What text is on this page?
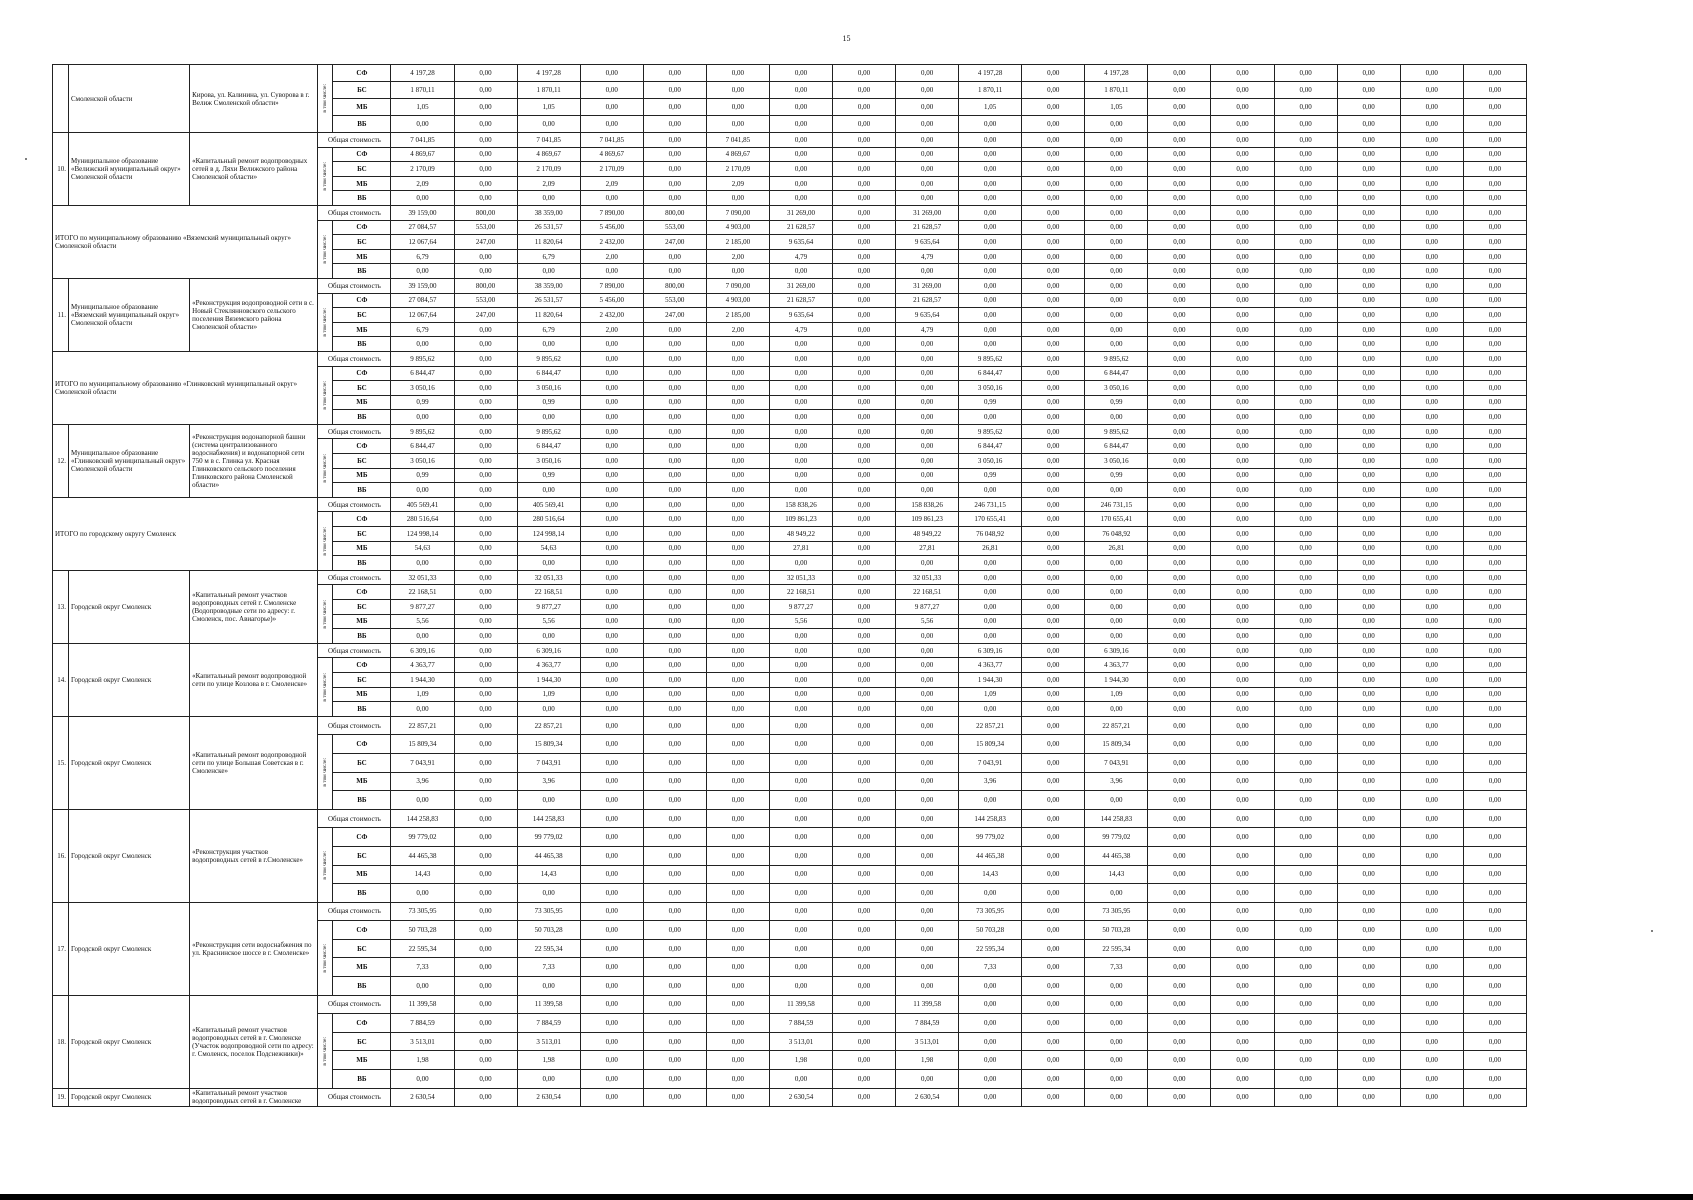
15
	Смоленской области	Кирова, ул. Калинина, ул. Суворова в г. Велиж Смоленской области»	в том числе:	СФ	4 197,28	0,00	4 197,28	0,00	0,00	0,00	0,00	0,00	0,00	4 197,28	0,00	4 197,28	0,00	0,00	0,00	0,00	0,00	0,00
				БС	1 870,11	0,00	1 870,11	0,00	0,00	0,00	0,00	0,00	0,00	1 870,11	0,00	1 870,11	0,00	0,00	0,00	0,00	0,00	0,00
				МБ	1,05	0,00	1,05	0,00	0,00	0,00	0,00	0,00	0,00	1,05	0,00	1,05	0,00	0,00	0,00	0,00	0,00	0,00
				ВБ	0,00	0,00	0,00	0,00	0,00	0,00	0,00	0,00	0,00	0,00	0,00	0,00	0,00	0,00	0,00	0,00	0,00	0,00
10.	Муниципальное образование «Велижский муниципальный округ» Смоленской области	«Капитальный ремонт водопроводных сетей в д. Ляхи Велижского района Смоленской области»	Общая стоимость		7 041,85	0,00	7 041,85	7 041,85	0,00	7 041,85	0,00	0,00	0,00	0,00	0,00	0,00	0,00	0,00	0,00	0,00	0,00	0,00

			в том числе:	СФ	4 869,67	0,00	4 869,67	4 869,67	0,00	4 869,67	0,00	0,00	0,00	0,00	0,00	0,00	0,00	0,00	0,00	0,00	0,00	0,00
				БС	2 170,09	0,00	2 170,09	2 170,09	0,00	2 170,09	0,00	0,00	0,00	0,00	0,00	0,00	0,00	0,00	0,00	0,00	0,00	0,00
				МБ	2,09	0,00	2,09	2,09	0,00	2,09	0,00	0,00	0,00	0,00	0,00	0,00	0,00	0,00	0,00	0,00	0,00	0,00
				ВБ	0,00	0,00	0,00	0,00	0,00	0,00	0,00	0,00	0,00	0,00	0,00	0,00	0,00	0,00	0,00	0,00	0,00	0,00
ИТОГО по муниципальному образованию «Вяземский муниципальный округ» Смоленской области			Общая стоимость		39 159,00	800,00	38 359,00	7 890,00	800,00	7 090,00	31 269,00	0,00	31 269,00	0,00	0,00	0,00	0,00	0,00	0,00	0,00	0,00	0,00

			в том числе:	СФ	27 084,57	553,00	26 531,57	5 456,00	553,00	4 903,00	21 628,57	0,00	21 628,57	0,00	0,00	0,00	0,00	0,00	0,00	0,00	0,00	0,00
				БС	12 067,64	247,00	11 820,64	2 432,00	247,00	2 185,00	9 635,64	0,00	9 635,64	0,00	0,00	0,00	0,00	0,00	0,00	0,00	0,00	0,00
				МБ	6,79	0,00	6,79	2,00	0,00	2,00	4,79	0,00	4,79	0,00	0,00	0,00	0,00	0,00	0,00	0,00	0,00	0,00
				ВБ	0,00	0,00	0,00	0,00	0,00	0,00	0,00	0,00	0,00	0,00	0,00	0,00	0,00	0,00	0,00	0,00	0,00	0,00
11.	Муниципальное образование «Вяземский муниципальный округ» Смоленской области	«Реконструкция водопроводной сети в с. Новый Стеклянновского сельского поселения Вяземского района Смоленской области»	Общая стоимость		39 159,00	800,00	38 359,00	7 890,00	800,00	7 090,00	31 269,00	0,00	31 269,00	0,00	0,00	0,00	0,00	0,00	0,00	0,00	0,00	0,00

			в том числе:	СФ	27 084,57	553,00	26 531,57	5 456,00	553,00	4 903,00	21 628,57	0,00	21 628,57	0,00	0,00	0,00	0,00	0,00	0,00	0,00	0,00	0,00
				БС	12 067,64	247,00	11 820,64	2 432,00	247,00	2 185,00	9 635,64	0,00	9 635,64	0,00	0,00	0,00	0,00	0,00	0,00	0,00	0,00	0,00
				МБ	6,79	0,00	6,79	2,00	0,00	2,00	4,79	0,00	4,79	0,00	0,00	0,00	0,00	0,00	0,00	0,00	0,00	0,00
				ВБ	0,00	0,00	0,00	0,00	0,00	0,00	0,00	0,00	0,00	0,00	0,00	0,00	0,00	0,00	0,00	0,00	0,00	0,00
ИТОГО по муниципальному образованию «Глинковский муниципальный округ» Смоленской области			Общая стоимость		9 895,62	0,00	9 895,62	0,00	0,00	0,00	0,00	0,00	0,00	9 895,62	0,00	9 895,62	0,00	0,00	0,00	0,00	0,00	0,00

			в том числе:	СФ	6 844,47	0,00	6 844,47	0,00	0,00	0,00	0,00	0,00	0,00	6 844,47	0,00	6 844,47	0,00	0,00	0,00	0,00	0,00	0,00
				БС	3 050,16	0,00	3 050,16	0,00	0,00	0,00	0,00	0,00	0,00	3 050,16	0,00	3 050,16	0,00	0,00	0,00	0,00	0,00	0,00
				МБ	0,99	0,00	0,99	0,00	0,00	0,00	0,00	0,00	0,00	0,99	0,00	0,99	0,00	0,00	0,00	0,00	0,00	0,00
				ВБ	0,00	0,00	0,00	0,00	0,00	0,00	0,00	0,00	0,00	0,00	0,00	0,00	0,00	0,00	0,00	0,00	0,00	0,00
12.	Муниципальное образование «Глинковский муниципальный округ» Смоленской области	«Реконструкция водонапорной башни (система централизованного водоснабжения) и водонапорной сети 750 м в с. Глинка ул. Красная Глинковского сельского поселения Глинковского района Смоленской области»	Общая стоимость		9 895,62	0,00	9 895,62	0,00	0,00	0,00	0,00	0,00	0,00	9 895,62	0,00	9 895,62	0,00	0,00	0,00	0,00	0,00	0,00

			в том числе:	СФ	6 844,47	0,00	6 844,47	0,00	0,00	0,00	0,00	0,00	0,00	6 844,47	0,00	6 844,47	0,00	0,00	0,00	0,00	0,00	0,00
				БС	3 050,16	0,00	3 050,16	0,00	0,00	0,00	0,00	0,00	0,00	3 050,16	0,00	3 050,16	0,00	0,00	0,00	0,00	0,00	0,00
				МБ	0,99	0,00	0,99	0,00	0,00	0,00	0,00	0,00	0,00	0,99	0,00	0,99	0,00	0,00	0,00	0,00	0,00	0,00
				ВБ	0,00	0,00	0,00	0,00	0,00	0,00	0,00	0,00	0,00	0,00	0,00	0,00	0,00	0,00	0,00	0,00	0,00	0,00
ИТОГО по городскому округу Смоленск			Общая стоимость		405 569,41	0,00	405 569,41	0,00	0,00	0,00	158 838,26	0,00	158 838,26	246 731,15	0,00	246 731,15	0,00	0,00	0,00	0,00	0,00	0,00

			в том числе:	СФ	280 516,64	0,00	280 516,64	0,00	0,00	0,00	109 861,23	0,00	109 861,23	170 655,41	0,00	170 655,41	0,00	0,00	0,00	0,00	0,00	0,00
				БС	124 998,14	0,00	124 998,14	0,00	0,00	0,00	48 949,22	0,00	48 949,22	76 048,92	0,00	76 048,92	0,00	0,00	0,00	0,00	0,00	0,00
				МБ	54,63	0,00	54,63	0,00	0,00	0,00	27,81	0,00	27,81	26,81	0,00	26,81	0,00	0,00	0,00	0,00	0,00	0,00
				ВБ	0,00	0,00	0,00	0,00	0,00	0,00	0,00	0,00	0,00	0,00	0,00	0,00	0,00	0,00	0,00	0,00	0,00	0,00
13.	Городской округ Смоленск	«Капитальный ремонт участков водопроводных сетей г. Смоленске (Водопроводные сети по адресу: г. Смоленск, пос. Авиагорье)»	Общая стоимость		32 051,33	0,00	32 051,33	0,00	0,00	0,00	32 051,33	0,00	32 051,33	0,00	0,00	0,00	0,00	0,00	0,00	0,00	0,00	0,00

			в том числе:	СФ	22 168,51	0,00	22 168,51	0,00	0,00	0,00	22 168,51	0,00	22 168,51	0,00	0,00	0,00	0,00	0,00	0,00	0,00	0,00	0,00
				БС	9 877,27	0,00	9 877,27	0,00	0,00	0,00	9 877,27	0,00	9 877,27	0,00	0,00	0,00	0,00	0,00	0,00	0,00	0,00	0,00
				МБ	5,56	0,00	5,56	0,00	0,00	0,00	5,56	0,00	5,56	0,00	0,00	0,00	0,00	0,00	0,00	0,00	0,00	0,00
				ВБ	0,00	0,00	0,00	0,00	0,00	0,00	0,00	0,00	0,00	0,00	0,00	0,00	0,00	0,00	0,00	0,00	0,00	0,00
14.	Городской округ Смоленск	«Капитальный ремонт водопроводной сети по улице Козлова в г. Смоленске»	Общая стоимость		6 309,16	0,00	6 309,16	0,00	0,00	0,00	0,00	0,00	0,00	6 309,16	0,00	6 309,16	0,00	0,00	0,00	0,00	0,00	0,00

			в том числе:	СФ	4 363,77	0,00	4 363,77	0,00	0,00	0,00	0,00	0,00	0,00	4 363,77	0,00	4 363,77	0,00	0,00	0,00	0,00	0,00	0,00
				БС	1 944,30	0,00	1 944,30	0,00	0,00	0,00	0,00	0,00	0,00	1 944,30	0,00	1 944,30	0,00	0,00	0,00	0,00	0,00	0,00
				МБ	1,09	0,00	1,09	0,00	0,00	0,00	0,00	0,00	0,00	1,09	0,00	1,09	0,00	0,00	0,00	0,00	0,00	0,00
				ВБ	0,00	0,00	0,00	0,00	0,00	0,00	0,00	0,00	0,00	0,00	0,00	0,00	0,00	0,00	0,00	0,00	0,00	0,00
15.	Городской округ Смоленск	«Капитальный ремонт водопроводной сети по улице Большая Советская в г. Смоленске»	Общая стоимость		22 857,21	0,00	22 857,21	0,00	0,00	0,00	0,00	0,00	0,00	22 857,21	0,00	22 857,21	0,00	0,00	0,00	0,00	0,00	0,00

			в том числе:	СФ	15 809,34	0,00	15 809,34	0,00	0,00	0,00	0,00	0,00	0,00	15 809,34	0,00	15 809,34	0,00	0,00	0,00	0,00	0,00	0,00
				БС	7 043,91	0,00	7 043,91	0,00	0,00	0,00	0,00	0,00	0,00	7 043,91	0,00	7 043,91	0,00	0,00	0,00	0,00	0,00	0,00
				МБ	3,96	0,00	3,96	0,00	0,00	0,00	0,00	0,00	0,00	3,96	0,00	3,96	0,00	0,00	0,00	0,00	0,00	0,00
				ВБ	0,00	0,00	0,00	0,00	0,00	0,00	0,00	0,00	0,00	0,00	0,00	0,00	0,00	0,00	0,00	0,00	0,00	0,00
16.	Городской округ Смоленск	«Реконструкция участков водопроводных сетей в г.Смоленске»	Общая стоимость		144 258,83	0,00	144 258,83	0,00	0,00	0,00	0,00	0,00	0,00	144 258,83	0,00	144 258,83	0,00	0,00	0,00	0,00	0,00	0,00

			в том числе:	СФ	99 779,02	0,00	99 779,02	0,00	0,00	0,00	0,00	0,00	0,00	99 779,02	0,00	99 779,02	0,00	0,00	0,00	0,00	0,00	0,00
				БС	44 465,38	0,00	44 465,38	0,00	0,00	0,00	0,00	0,00	0,00	44 465,38	0,00	44 465,38	0,00	0,00	0,00	0,00	0,00	0,00
				МБ	14,43	0,00	14,43	0,00	0,00	0,00	0,00	0,00	0,00	14,43	0,00	14,43	0,00	0,00	0,00	0,00	0,00	0,00
				ВБ	0,00	0,00	0,00	0,00	0,00	0,00	0,00	0,00	0,00	0,00	0,00	0,00	0,00	0,00	0,00	0,00	0,00	0,00
17.	Городской округ Смоленск	«Реконструкция сети водоснабжения по ул. Краснинское шоссе в г. Смоленске»	Общая стоимость		73 305,95	0,00	73 305,95	0,00	0,00	0,00	0,00	0,00	0,00	73 305,95	0,00	73 305,95	0,00	0,00	0,00	0,00	0,00	0,00

			в том числе:	СФ	50 703,28	0,00	50 703,28	0,00	0,00	0,00	0,00	0,00	0,00	50 703,28	0,00	50 703,28	0,00	0,00	0,00	0,00	0,00	0,00
				БС	22 595,34	0,00	22 595,34	0,00	0,00	0,00	0,00	0,00	0,00	22 595,34	0,00	22 595,34	0,00	0,00	0,00	0,00	0,00	0,00
				МБ	7,33	0,00	7,33	0,00	0,00	0,00	0,00	0,00	0,00	7,33	0,00	7,33	0,00	0,00	0,00	0,00	0,00	0,00
				ВБ	0,00	0,00	0,00	0,00	0,00	0,00	0,00	0,00	0,00	0,00	0,00	0,00	0,00	0,00	0,00	0,00	0,00	0,00
18.	Городской округ Смоленск	«Капитальный ремонт участков водопроводных сетей в г. Смоленске (Участок водопроводной сети по адресу: г. Смоленск, поселок Подснежники)»	Общая стоимость		11 399,58	0,00	11 399,58	0,00	0,00	0,00	11 399,58	0,00	11 399,58	0,00	0,00	0,00	0,00	0,00	0,00	0,00	0,00	0,00

			в том числе:	СФ	7 884,59	0,00	7 884,59	0,00	0,00	0,00	7 884,59	0,00	7 884,59	0,00	0,00	0,00	0,00	0,00	0,00	0,00	0,00	0,00
				БС	3 513,01	0,00	3 513,01	0,00	0,00	0,00	3 513,01	0,00	3 513,01	0,00	0,00	0,00	0,00	0,00	0,00	0,00	0,00	0,00
				МБ	1,98	0,00	1,98	0,00	0,00	0,00	1,98	0,00	1,98	0,00	0,00	0,00	0,00	0,00	0,00	0,00	0,00	0,00
				ВБ	0,00	0,00	0,00	0,00	0,00	0,00	0,00	0,00	0,00	0,00	0,00	0,00	0,00	0,00	0,00	0,00	0,00	0,00
19.	Городской округ Смоленск	«Капитальный ремонт участков водопроводных сетей в г. Смоленске	Общая стоимость		2 630,54	0,00	2 630,54	0,00	0,00	0,00	2 630,54	0,00	2 630,54	0,00	0,00	0,00	0,00	0,00	0,00	0,00	0,00	0,00
